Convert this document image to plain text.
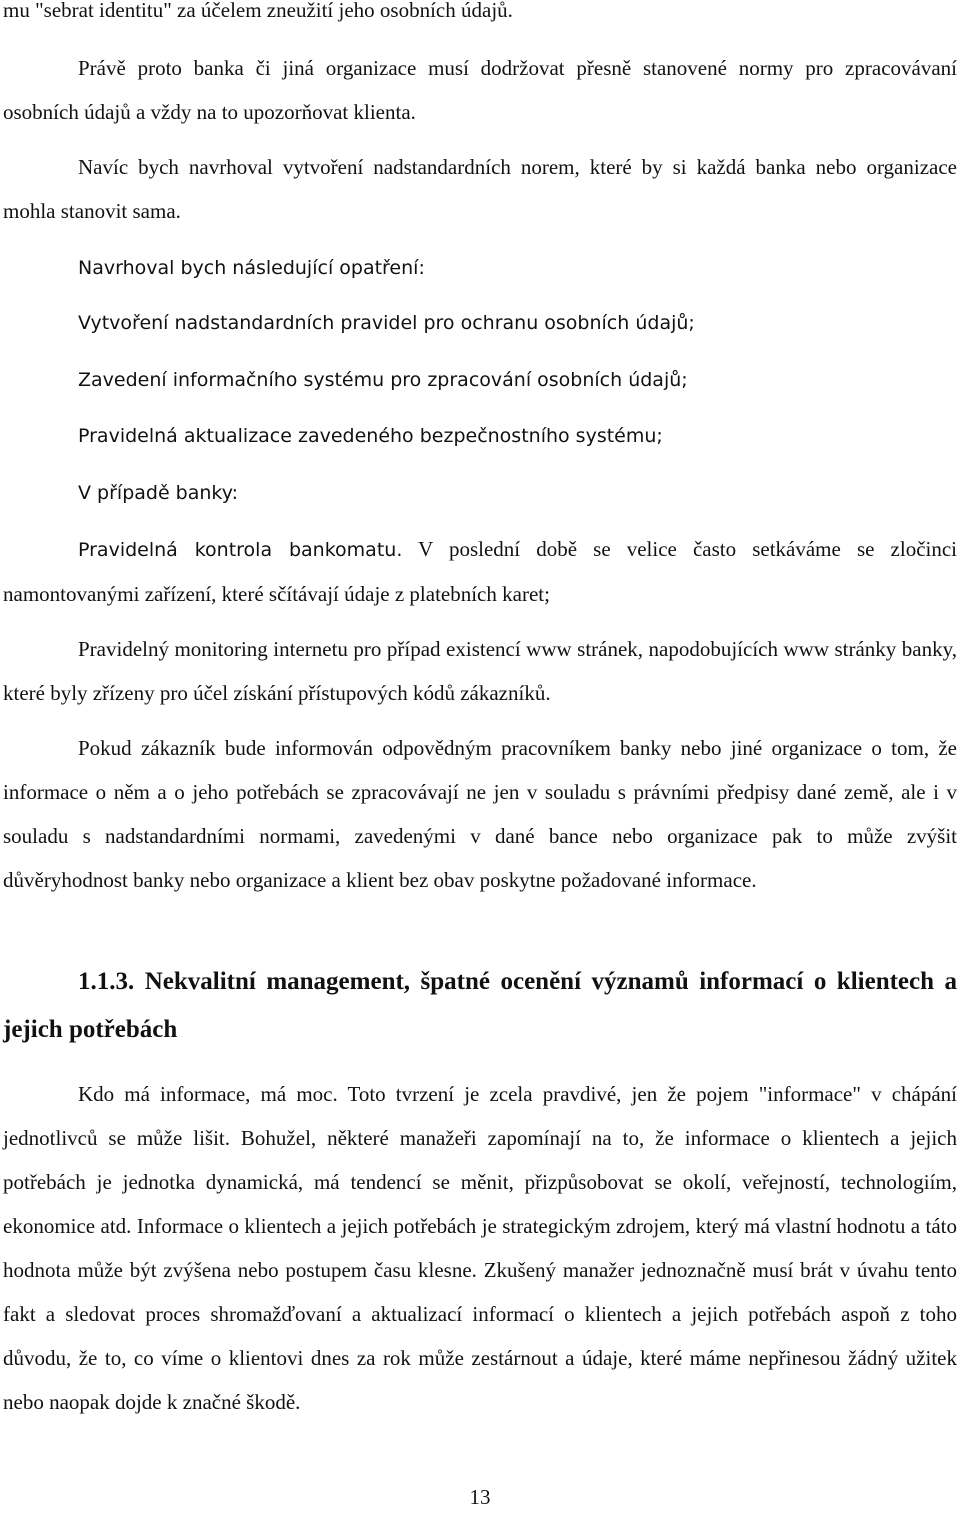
mu "sebrat identitu" za účelem zneužití jeho osobních údajů.

Právě proto banka či jiná organizace musí dodržovat přesně stanovené normy pro zpracovávaní osobních údajů a vždy na to upozorňovat klienta.

Navíc bych navrhoval vytvoření nadstandardních norem, které by si každá banka nebo organizace mohla stanovit sama.

Navrhoval bych následující opatření:

Vytvoření nadstandardních pravidel pro ochranu osobních údajů;

Zavedení informačního systému pro zpracování osobních údajů;

Pravidelná aktualizace zavedeného bezpečnostního systému;

V případě banky:

Pravidelná kontrola bankomatu. V poslední době se velice často setkáváme se zločinci namontovanými zařízení, které sčítávají údaje z platebních karet;

Pravidelný monitoring internetu pro případ existencí www stránek, napodobujících www stránky banky, které byly zřízeny pro účel získání přístupových kódů zákazníků.

Pokud zákazník bude informován odpovědným pracovníkem banky nebo jiné organizace o tom, že informace o něm a o jeho potřebách se zpracovávají ne jen v souladu s právními předpisy dané země, ale i v souladu s nadstandardními normami, zavedenými v dané bance nebo organizace pak to může zvýšit důvěryhodnost banky nebo organizace a klient bez obav poskytne požadované informace.

1.1.3. Nekvalitní management, špatné ocenění významů informací o klientech a jejich potřebách

Kdo má informace, má moc. Toto tvrzení je zcela pravdivé, jen že pojem "informace" v chápání jednotlivců se může lišit. Bohužel, některé manažeři zapomínají na to, že informace o klientech a jejich potřebách je jednotka dynamická, má tendencí se měnit, přizpůsobovat se okolí, veřejností, technologiím, ekonomice atd. Informace o klientech a jejich potřebách je strategickým zdrojem, který má vlastní hodnotu a táto hodnota může být zvýšena nebo postupem času klesne. Zkušený manažer jednoznačně musí brát v úvahu tento fakt a sledovat proces shromažďovaní a aktualizací informací o klientech a jejich potřebách aspoň z toho důvodu, že to, co víme o klientovi dnes za rok může zestárnout a údaje, které máme nepřinesou žádný užitek nebo naopak dojde k značné škodě.

13
